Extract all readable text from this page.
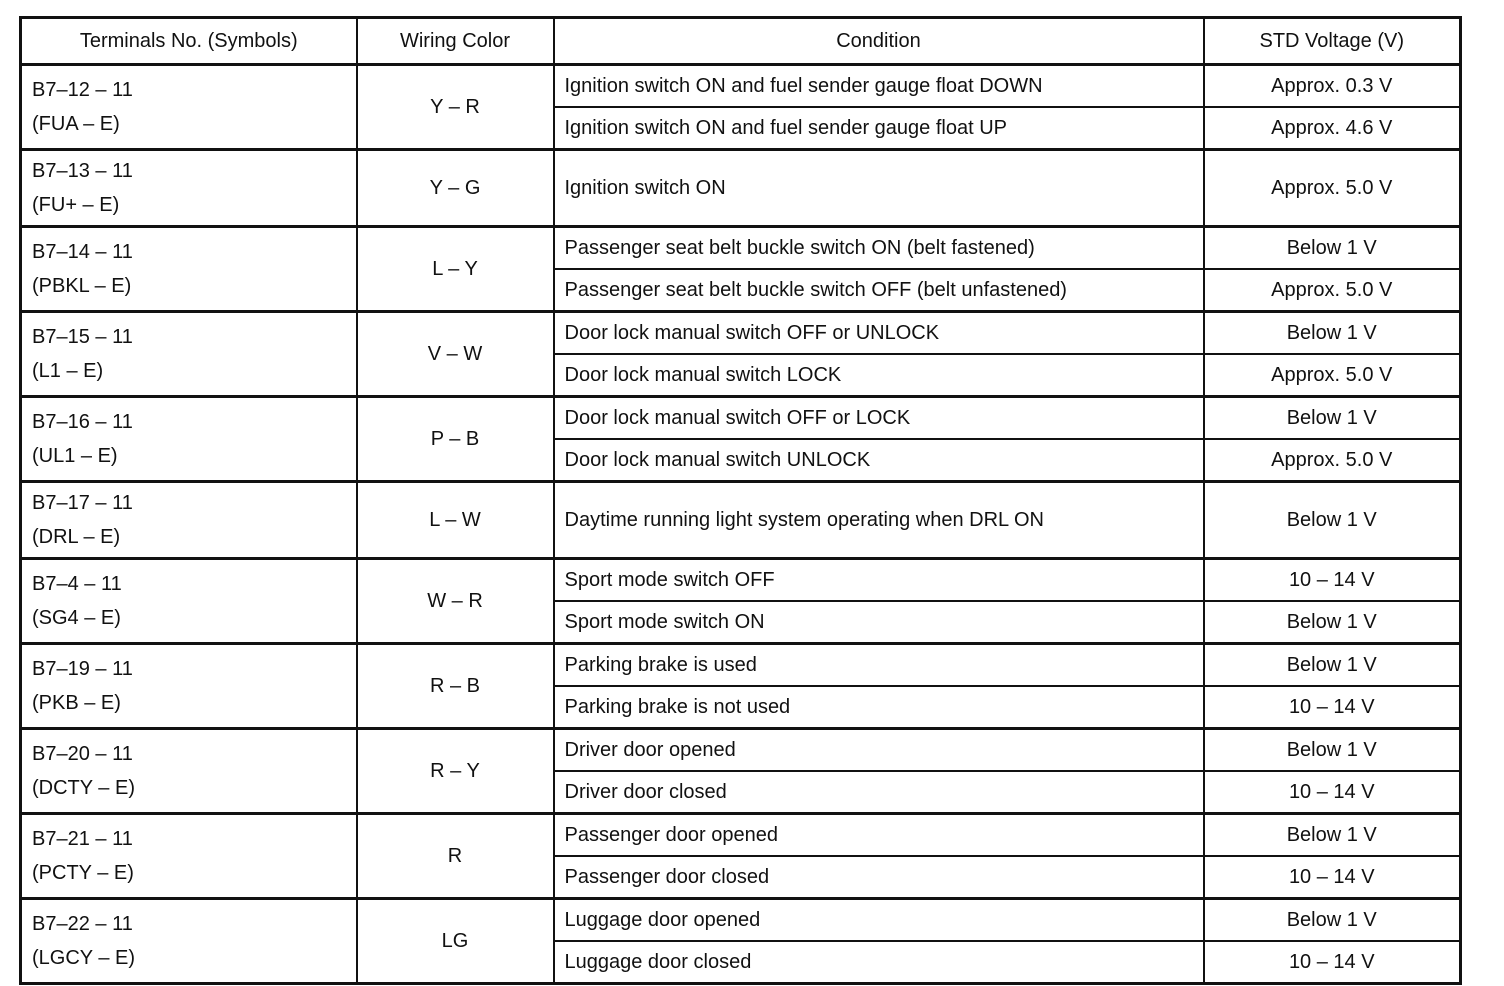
Terminals No. (Symbols)	Wiring Color	Condition	STD Voltage (V)

B7–12 – 11
(FUA – E)	Y – R	Ignition switch ON and fuel sender gauge float DOWN	Approx. 0.3 V
		Ignition switch ON and fuel sender gauge float UP	Approx. 4.6 V

B7–13 – 11
(FU+ – E)	Y – G	Ignition switch ON	Approx. 5.0 V

B7–14 – 11
(PBKL – E)	L – Y	Passenger seat belt buckle switch ON (belt fastened)	Below 1 V
		Passenger seat belt buckle switch OFF (belt unfastened)	Approx. 5.0 V

B7–15 – 11
(L1 – E)	V – W	Door lock manual switch OFF or UNLOCK	Below 1 V
		Door lock manual switch LOCK	Approx. 5.0 V

B7–16 – 11
(UL1 – E)	P – B	Door lock manual switch OFF or LOCK	Below 1 V
		Door lock manual switch UNLOCK	Approx. 5.0 V

B7–17 – 11
(DRL – E)	L – W	Daytime running light system operating when DRL ON	Below 1 V

B7–4 – 11
(SG4 – E)	W – R	Sport mode switch OFF	10 – 14 V
		Sport mode switch ON	Below 1 V

B7–19 – 11
(PKB – E)	R – B	Parking brake is used	Below 1 V
		Parking brake is not used	10 – 14 V

B7–20 – 11
(DCTY – E)	R – Y	Driver door opened	Below 1 V
		Driver door closed	10 – 14 V

B7–21 – 11
(PCTY – E)	R	Passenger door opened	Below 1 V
		Passenger door closed	10 – 14 V

B7–22 – 11
(LGCY – E)	LG	Luggage door opened	Below 1 V
		Luggage door closed	10 – 14 V
